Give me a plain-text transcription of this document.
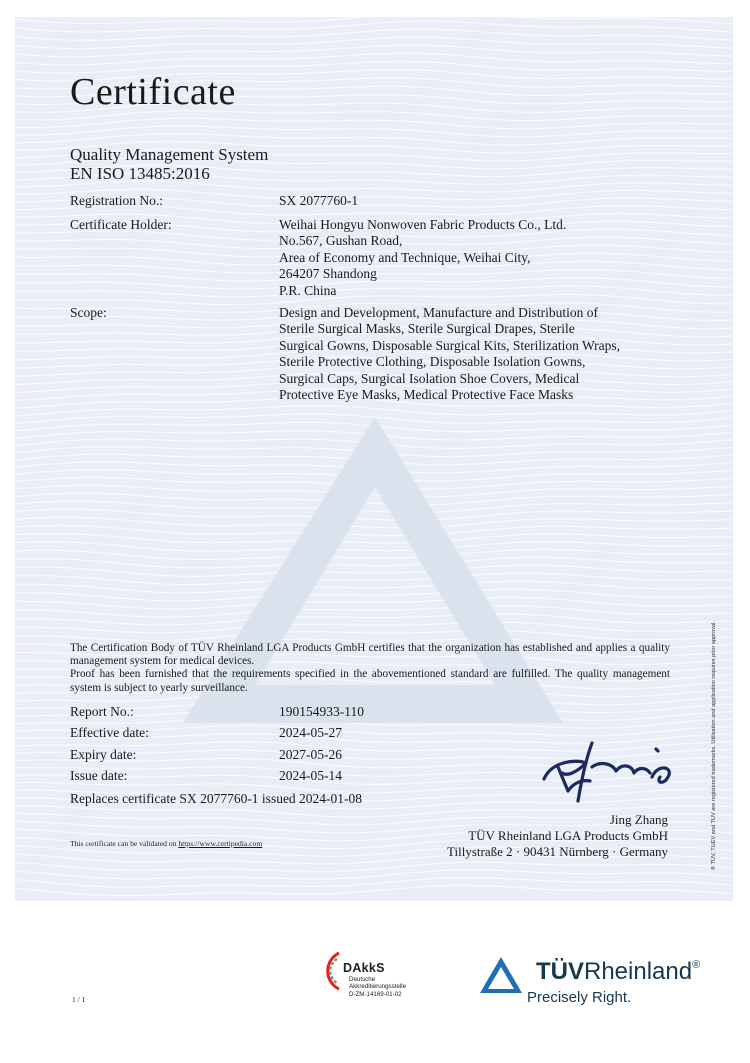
Certificate
Quality Management System
EN ISO 13485:2016
Registration No.:	SX 2077760-1
Certificate Holder:	Weihai Hongyu Nonwoven Fabric Products Co., Ltd.
No.567, Gushan Road,
Area of Economy and Technique, Weihai City,
264207 Shandong
P.R. China
Scope:	Design and Development, Manufacture and Distribution of
Sterile Surgical Masks, Sterile Surgical Drapes, Sterile
Surgical Gowns, Disposable Surgical Kits, Sterilization Wraps,
Sterile Protective Clothing, Disposable Isolation Gowns,
Surgical Caps, Surgical Isolation Shoe Covers, Medical
Protective Eye Masks, Medical Protective Face Masks
The Certification Body of TÜV Rheinland LGA Products GmbH certifies that the organization has established and applies a quality management system for medical devices.
Proof has been furnished that the requirements specified in the abovementioned standard are fulfilled. The quality management system is subject to yearly surveillance.
Report No.:	190154933-110
Effective date:	2024-05-27
Expiry date:	2027-05-26
Issue date:	2024-05-14
Replaces certificate SX 2077760-1 issued 2024-01-08
Jing Zhang
TÜV Rheinland LGA Products GmbH
Tillystraße 2 · 90431 Nürnberg · Germany
This certificate can be validated on https://www.certipedia.com	® TÜV, TUEV and TUV are registered trademarks. Utilisation and application requires prior approval.
1 / 1
DAkkS
Deutsche
Akkreditierungsstelle
D-ZM-14169-01-02
TÜVRheinland®
Precisely Right.
